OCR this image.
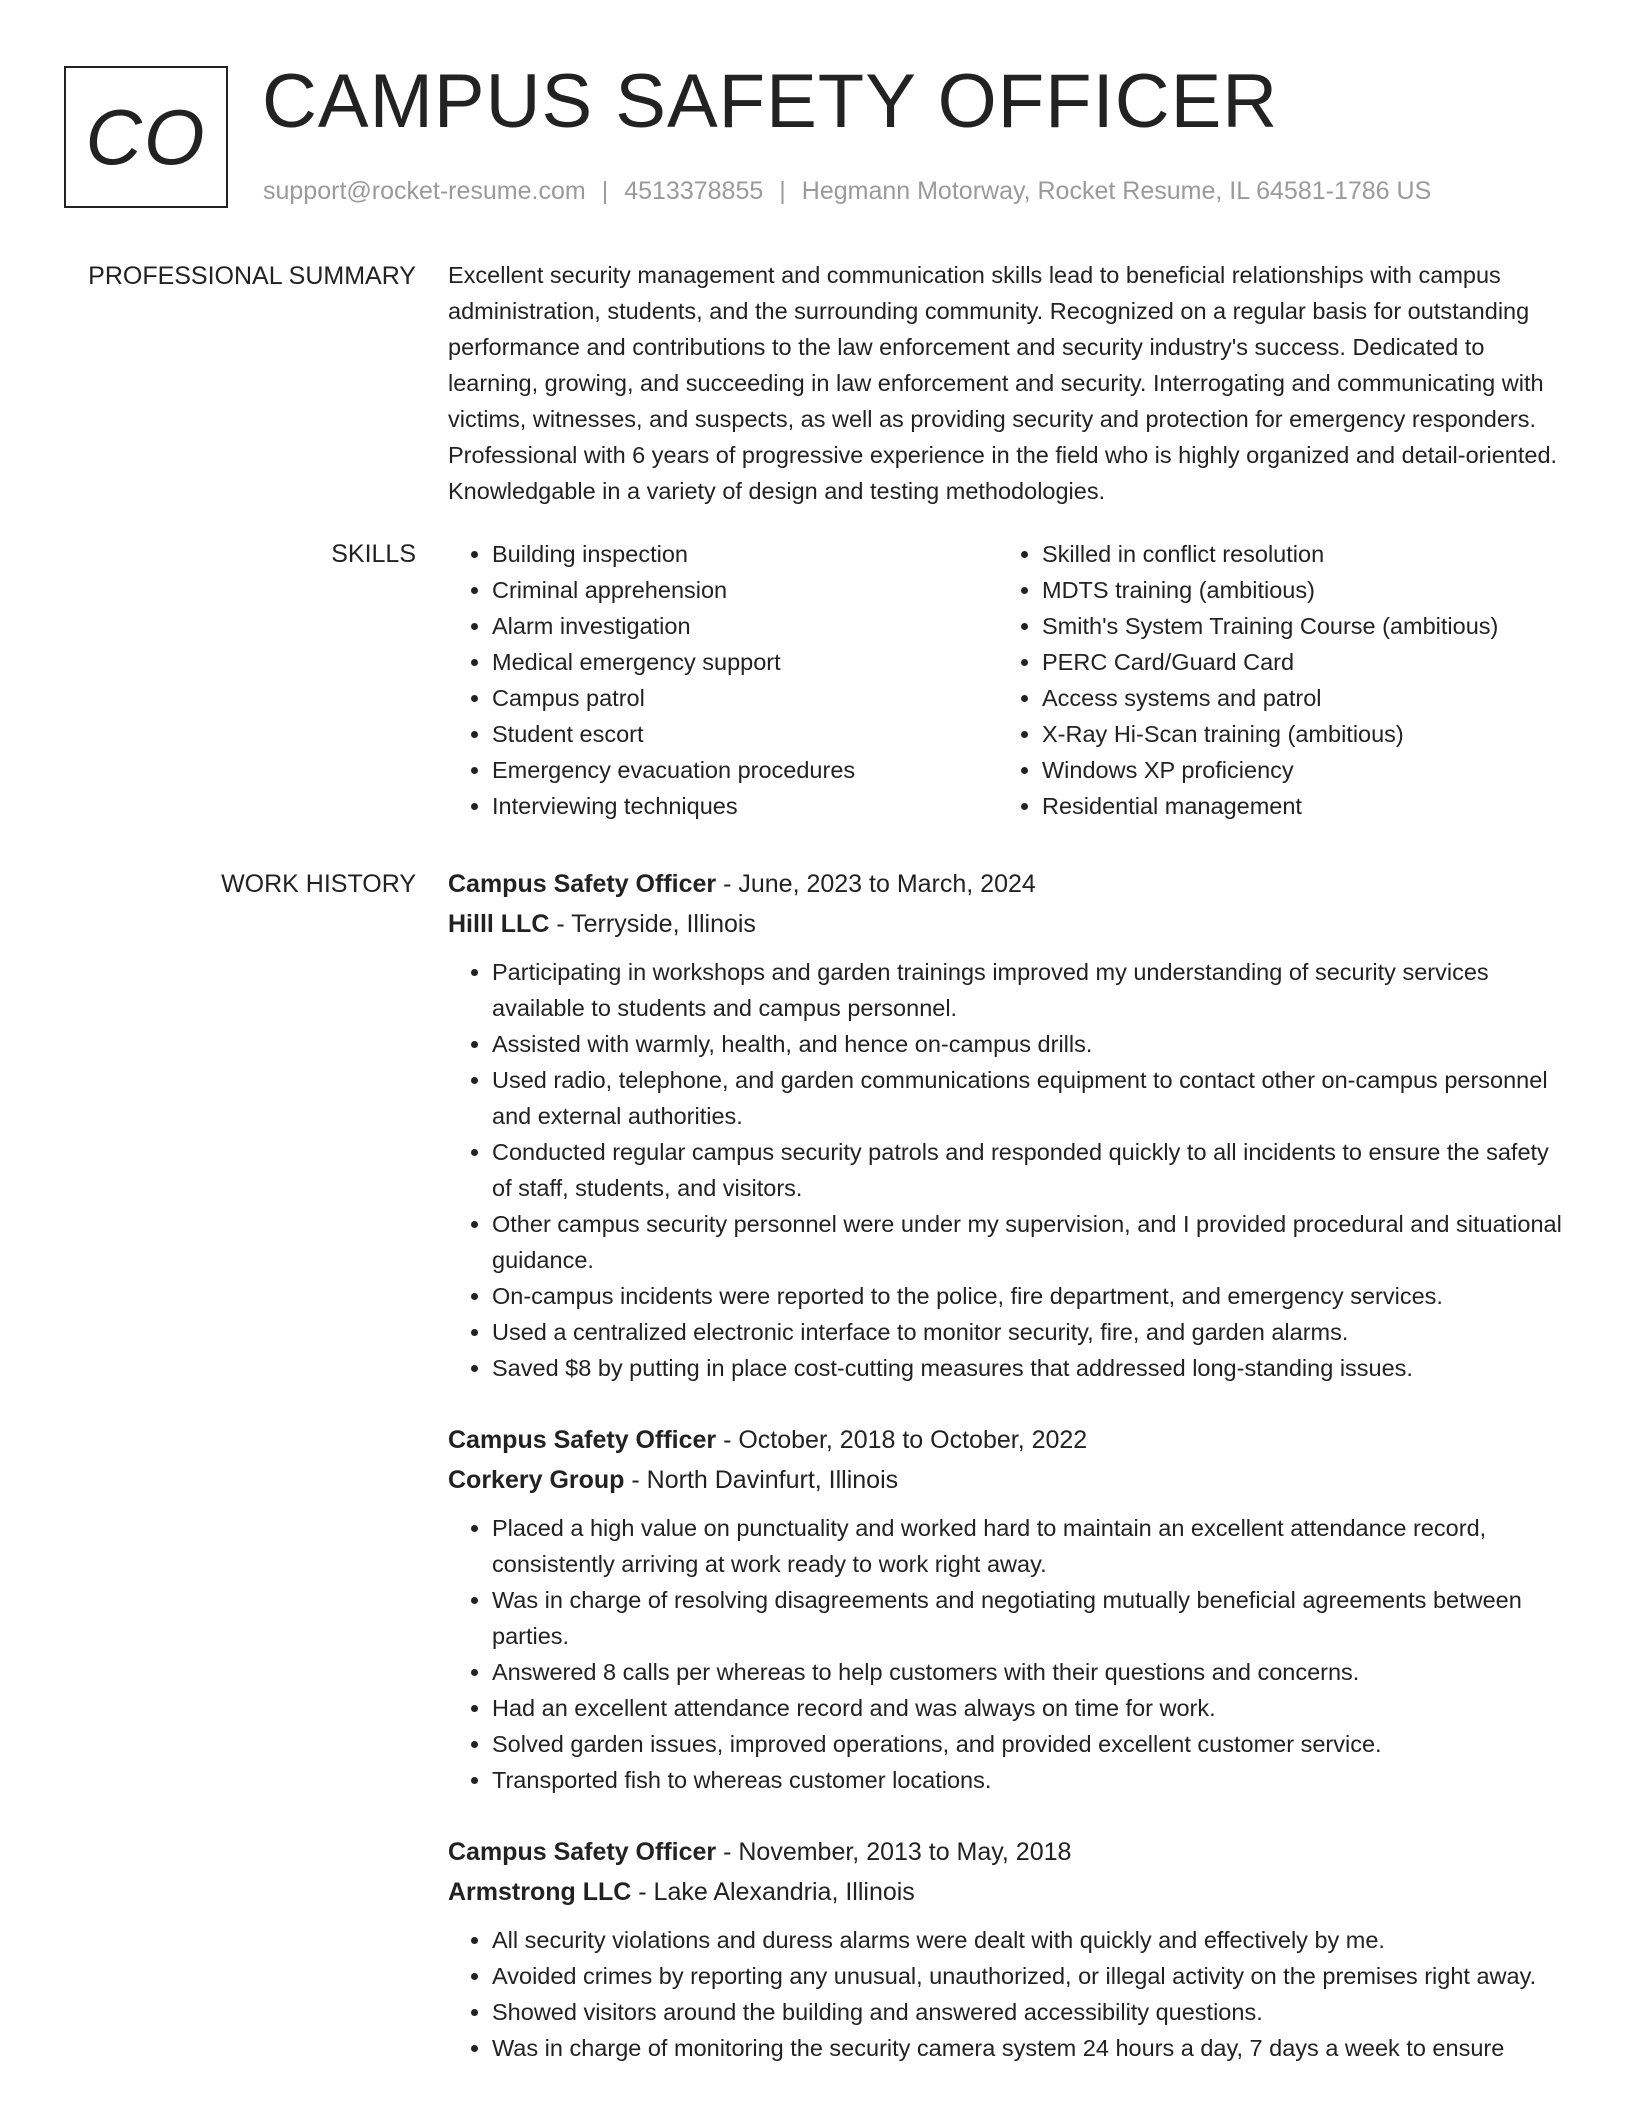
CO CAMPUS SAFETY OFFICER
support@rocket-resume.com | 4513378855 | Hegmann Motorway, Rocket Resume, IL 64581-1786 US
PROFESSIONAL SUMMARY Excellent security management and communication skills lead to beneficial relationships with campus administration, students, and the surrounding community. Recognized on a regular basis for outstanding performance and contributions to the law enforcement and security industry's success. Dedicated to learning, growing, and succeeding in law enforcement and security. Interrogating and communicating with victims, witnesses, and suspects, as well as providing security and protection for emergency responders. Professional with 6 years of progressive experience in the field who is highly organized and detail-oriented. Knowledgable in a variety of design and testing methodologies.

SKILLS
•	Building inspection
• Criminal apprehension
• Alarm investigation
• Medical emergency support
• Campus patrol
• Student escort
• Emergency evacuation procedures
• Interviewing techniques
• Skilled in conflict resolution
• MDTS training (ambitious)
• Smith's System Training Course (ambitious)
• PERC Card/Guard Card
• Access systems and patrol
• X-Ray Hi-Scan training (ambitious)
• Windows XP proficiency
• Residential management
WORK HISTORY Campus Safety Officer - June, 2023 to March, 2024
Hilll LLC - Terryside, Illinois
• Participating in workshops and garden trainings improved my understanding of security services available to students and campus personnel.
• Assisted with warmly, health, and hence on-campus drills.
• Used radio, telephone, and garden communications equipment to contact other on-campus personnel and external authorities.
• Conducted regular campus security patrols and responded quickly to all incidents to ensure the safety of staff, students, and visitors.
• Other campus security personnel were under my supervision, and I provided procedural and situational guidance.
• On-campus incidents were reported to the police, fire department, and emergency services.
• Used a centralized electronic interface to monitor security, fire, and garden alarms.
• Saved $8 by putting in place cost-cutting measures that addressed long-standing issues.
Campus Safety Officer - October, 2018 to October, 2022
Corkery Group - North Davinfurt, Illinois
• Placed a high value on punctuality and worked hard to maintain an excellent attendance record, consistently arriving at work ready to work right away.
• Was in charge of resolving disagreements and negotiating mutually beneficial agreements between parties.
• Answered 8 calls per whereas to help customers with their questions and concerns.
• Had an excellent attendance record and was always on time for work.
• Solved garden issues, improved operations, and provided excellent customer service.
• Transported fish to whereas customer locations.
Campus Safety Officer - November, 2013 to May, 2018
Armstrong LLC - Lake Alexandria, Illinois
• All security violations and duress alarms were dealt with quickly and effectively by me.
• Avoided crimes by reporting any unusual, unauthorized, or illegal activity on the premises right away.
• Showed visitors around the building and answered accessibility questions.
• Was in charge of monitoring the security camera system 24 hours a day, 7 days a week to ensure
